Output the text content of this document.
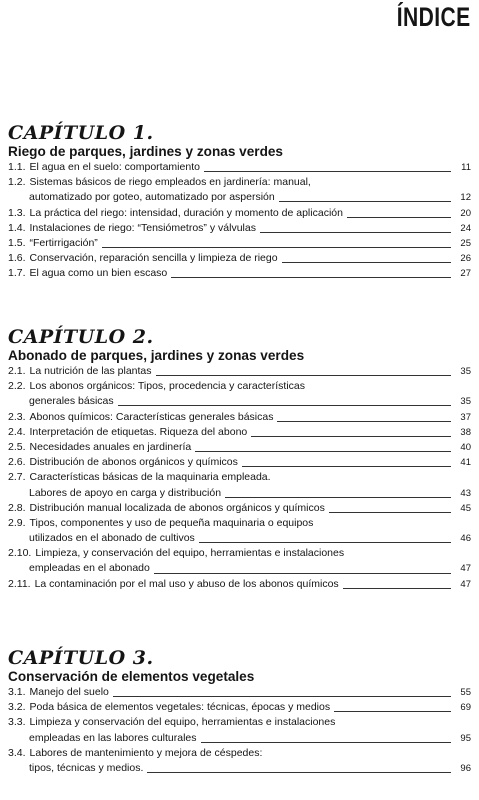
ÍNDICE
CAPÍTULO 1.
Riego de parques, jardines y zonas verdes
1.1. El agua en el suelo: comportamiento	11
1.2. Sistemas básicos de riego empleados en jardinería: manual,
automatizado por goteo, automatizado por aspersión	12
1.3. La práctica del riego: intensidad, duración y momento de aplicación	20
1.4. Instalaciones de riego: “Tensiómetros” y válvulas	24
1.5. “Fertirrigación”	25
1.6. Conservación, reparación sencilla y limpieza de riego	26
1.7. El agua como un bien escaso	27
CAPÍTULO 2.
Abonado de parques, jardines y zonas verdes
2.1. La nutrición de las plantas	35
2.2. Los abonos orgánicos: Tipos, procedencia y características
generales básicas	35
2.3. Abonos químicos: Características generales básicas	37
2.4. Interpretación de etiquetas. Riqueza del abono	38
2.5. Necesidades anuales en jardinería	40
2.6. Distribución de abonos orgánicos y químicos	41
2.7. Características básicas de la maquinaria empleada.
Labores de apoyo en carga y distribución	43
2.8. Distribución manual localizada de abonos orgánicos y químicos	45
2.9. Tipos, componentes y uso de pequeña maquinaria o equipos
utilizados en el abonado de cultivos	46
2.10. Limpieza, y conservación del equipo, herramientas e instalaciones
empleadas en el abonado	47
2.11. La contaminación por el mal uso y abuso de los abonos químicos	47
CAPÍTULO 3.
Conservación de elementos vegetales
3.1. Manejo del suelo	55
3.2. Poda básica de elementos vegetales: técnicas, épocas y medios	69
3.3. Limpieza y conservación del equipo, herramientas e instalaciones
empleadas en las labores culturales	95
3.4. Labores de mantenimiento y mejora de céspedes:
tipos, técnicas y medios.	96
